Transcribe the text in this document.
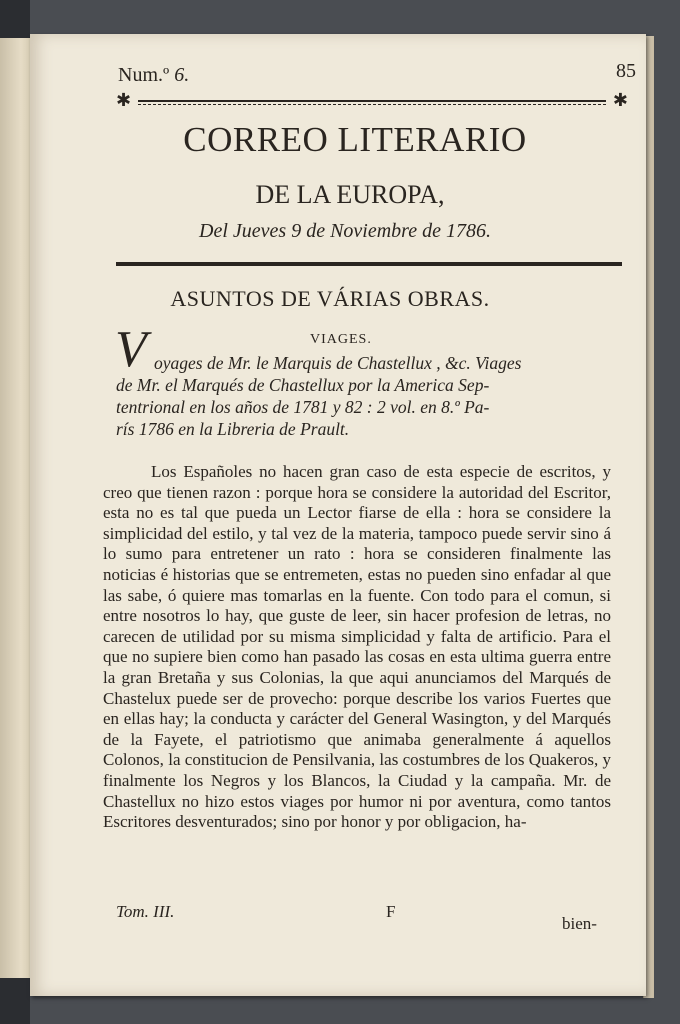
Num.º 6.	85
✱	✱
CORREO LITERARIO
DE LA EUROPA,
Del Jueves 9 de Noviembre de 1786.
ASUNTOS DE VÁRIAS OBRAS.
V	VIAGES.
oyages de Mr. le Marquis de Chastellux , &c. Viages
de Mr. el Marqués de Chastellux por la America Sep-
tentrional en los años de 1781 y 82 : 2 vol. en 8.º Pa-
rís 1786 en la Libreria de Prault.

Los Españoles no hacen gran caso de esta especie de escritos, y creo que tienen razon : porque hora se considere la autoridad del Escritor, esta no es tal que pueda un Lector fiarse de ella : hora se considere la simplicidad del estilo, y tal vez de la materia, tampoco puede servir sino á lo sumo para entretener un rato : hora se consideren finalmente las noticias é historias que se entremeten, estas no pueden sino enfadar al que las sabe, ó quiere mas tomarlas en la fuente. Con todo para el comun, si entre nosotros lo hay, que guste de leer, sin hacer profesion de letras, no carecen de utilidad por su misma simplicidad y falta de artificio. Para el que no supiere bien como han pasado las cosas en esta ultima guerra entre la gran Bretaña y sus Colonias, la que aqui anunciamos del Marqués de Chastelux puede ser de provecho: porque describe los varios Fuertes que en ellas hay; la conducta y carácter del General Wasington, y del Marqués de la Fayete, el patriotismo que animaba generalmente á aquellos Colonos, la constitucion de Pensilvania, las costumbres de los Quakeros, y finalmente los Negros y los Blancos, la Ciudad y la campaña. Mr. de Chastellux no hizo estos viages por humor ni por aventura, como tantos Escritores desventurados; sino por honor y por obligacion, ha-

Tom. III.	F
bien-
